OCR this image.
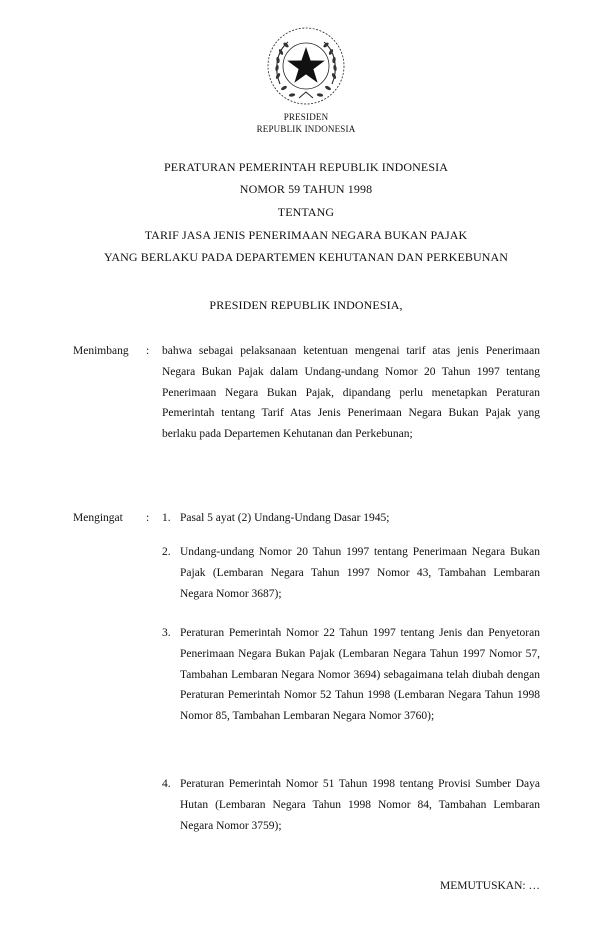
PRESIDEN
REPUBLIK INDONESIA
PERATURAN PEMERINTAH REPUBLIK INDONESIA
NOMOR 59 TAHUN 1998
TENTANG
TARIF JASA JENIS PENERIMAAN NEGARA BUKAN PAJAK
YANG BERLAKU PADA DEPARTEMEN KEHUTANAN DAN PERKEBUNAN
PRESIDEN REPUBLIK INDONESIA,
Menimbang : bahwa sebagai pelaksanaan ketentuan mengenai tarif atas jenis Penerimaan Negara Bukan Pajak dalam Undang-undang Nomor 20 Tahun 1997 tentang Penerimaan Negara Bukan Pajak, dipandang perlu menetapkan Peraturan Pemerintah tentang Tarif Atas Jenis Penerimaan Negara Bukan Pajak yang berlaku pada Departemen Kehutanan dan Perkebunan;
Mengingat : 1. Pasal 5 ayat (2) Undang-Undang Dasar 1945;
2. Undang-undang Nomor 20 Tahun 1997 tentang Penerimaan Negara Bukan Pajak (Lembaran Negara Tahun 1997 Nomor 43, Tambahan Lembaran Negara Nomor 3687);
3. Peraturan Pemerintah Nomor 22 Tahun 1997 tentang Jenis dan Penyetoran Penerimaan Negara Bukan Pajak (Lembaran Negara Tahun 1997 Nomor 57, Tambahan Lembaran Negara Nomor 3694) sebagaimana telah diubah dengan Peraturan Pemerintah Nomor 52 Tahun 1998 (Lembaran Negara Tahun 1998 Nomor 85, Tambahan Lembaran Negara Nomor 3760);
4. Peraturan Pemerintah Nomor 51 Tahun 1998 tentang Provisi Sumber Daya Hutan (Lembaran Negara Tahun 1998 Nomor 84, Tambahan Lembaran Negara Nomor 3759);
MEMUTUSKAN: …
